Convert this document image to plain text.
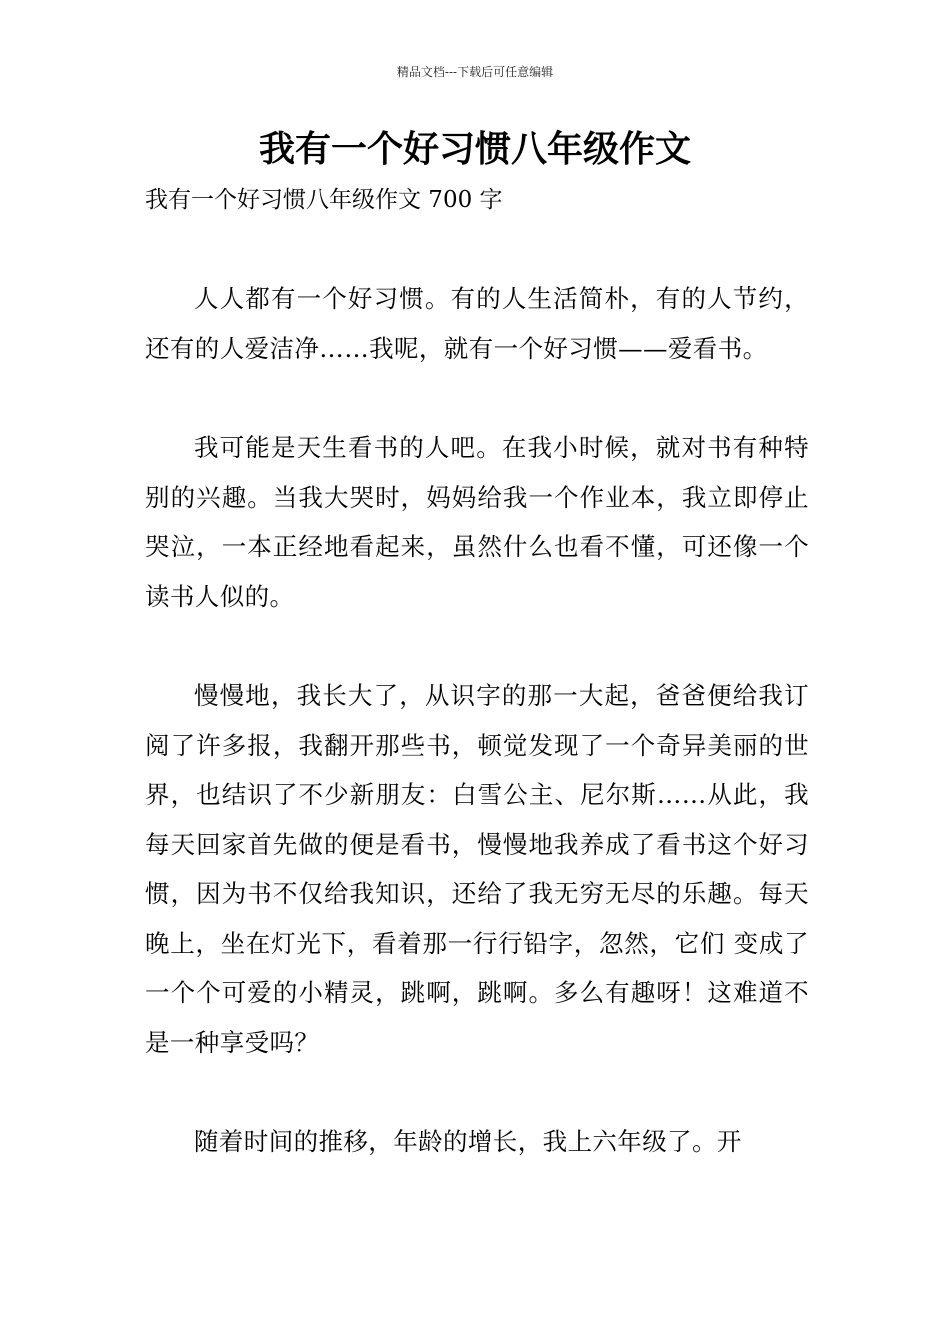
精品文档---下载后可任意编辑
我有一个好习惯八年级作文

我有一个好习惯八年级作文 700 字

人人都有一个好习惯。有的人生活简朴，有的人节约，还有的人爱洁净……我呢，就有一个好习惯——爱看书。

我可能是天生看书的人吧。在我小时候，就对书有种特别的兴趣。当我大哭时，妈妈给我一个作业本，我立即停止哭泣，一本正经地看起来，虽然什么也看不懂，可还像一个读书人似的。

慢慢地，我长大了，从识字的那一大起，爸爸便给我订阅了许多报，我翻开那些书，顿觉发现了一个奇异美丽的世界，也结识了不少新朋友：白雪公主、尼尔斯……从此，我每天回家首先做的便是看书，慢慢地我养成了看书这个好习惯，因为书不仅给我知识，还给了我无穷无尽的乐趣。每天晚上，坐在灯光下，看着那一行行铅字，忽然，它们 变成了一个个可爱的小精灵，跳啊，跳啊。多么有趣呀！这难道不是一种享受吗？

随着时间的推移，年龄的增长，我上六年级了。开
